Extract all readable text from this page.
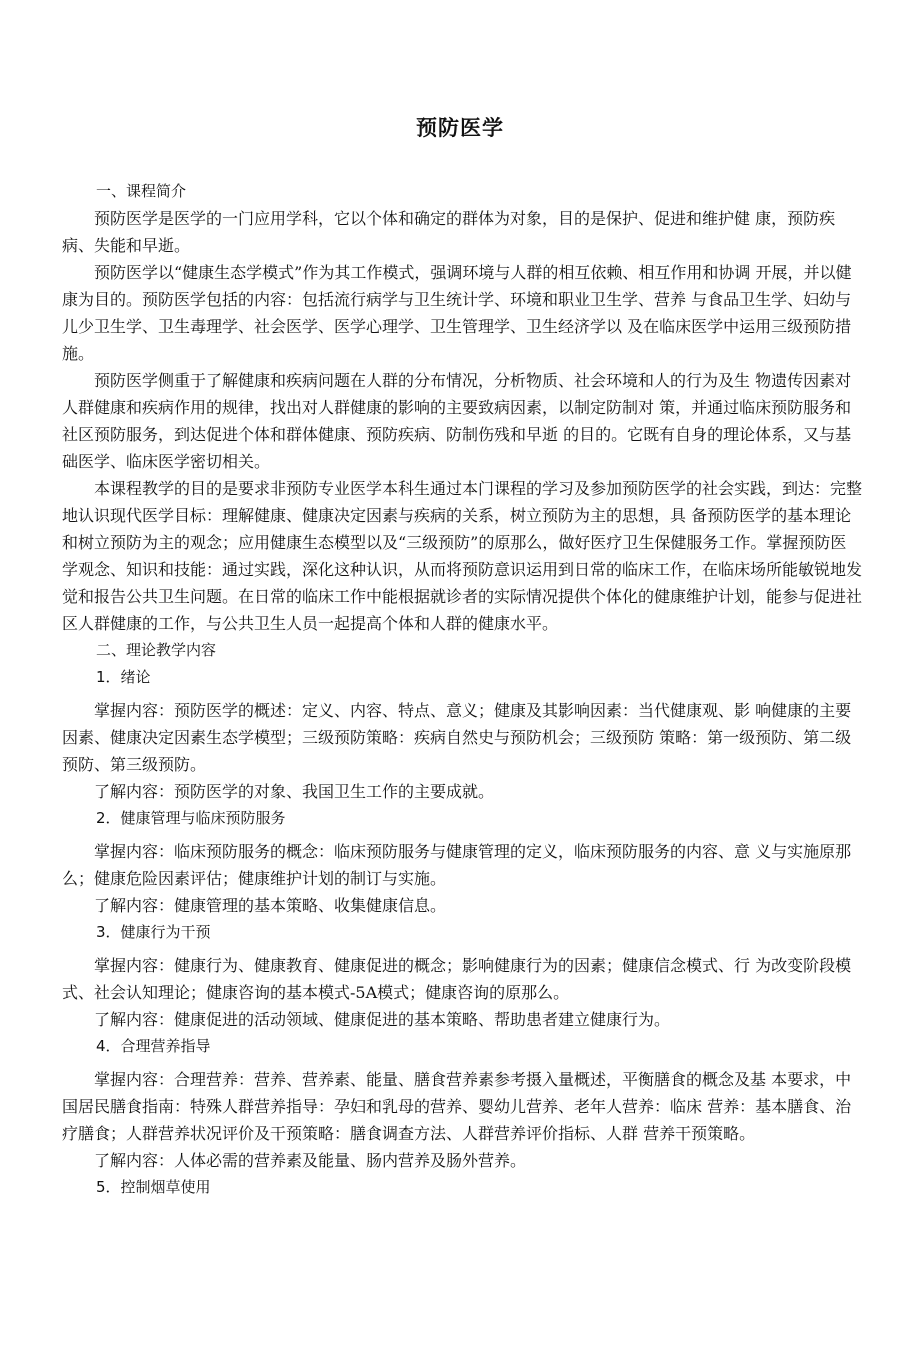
预防医学

一、课程简介

预防医学是医学的一门应用学科，它以个体和确定的群体为对象，目的是保护、促进和维护健 康，预防疾病、失能和早逝。

预防医学以“健康生态学模式”作为其工作模式，强调环境与人群的相互依赖、相互作用和协调 开展，并以健康为目的。预防医学包括的内容：包括流行病学与卫生统计学、环境和职业卫生学、营养 与食品卫生学、妇幼与儿少卫生学、卫生毒理学、社会医学、医学心理学、卫生管理学、卫生经济学以 及在临床医学中运用三级预防措施。

预防医学侧重于了解健康和疾病问题在人群的分布情况，分析物质、社会环境和人的行为及生 物遗传因素对人群健康和疾病作用的规律，找出对人群健康的影响的主要致病因素，以制定防制对 策，并通过临床预防服务和社区预防服务，到达促进个体和群体健康、预防疾病、防制伤残和早逝 的目的。它既有自身的理论体系，又与基础医学、临床医学密切相关。

本课程教学的目的是要求非预防专业医学本科生通过本门课程的学习及参加预防医学的社会实践，到达：完整地认识现代医学目标：理解健康、健康决定因素与疾病的关系，树立预防为主的思想，具 备预防医学的基本理论和树立预防为主的观念；应用健康生态模型以及“三级预防”的原那么，做好医疗卫生保健服务工作。掌握预防医学观念、知识和技能：通过实践，深化这种认识，从而将预防意识运用到日常的临床工作，在临床场所能敏锐地发觉和报告公共卫生问题。在日常的临床工作中能根据就诊者的实际情况提供个体化的健康维护计划，能参与促进社区人群健康的工作，与公共卫生人员一起提高个体和人群的健康水平。

二、理论教学内容

1．绪论

掌握内容：预防医学的概述：定义、内容、特点、意义；健康及其影响因素：当代健康观、影 响健康的主要因素、健康决定因素生态学模型；三级预防策略：疾病自然史与预防机会；三级预防 策略：第一级预防、第二级预防、第三级预防。

了解内容：预防医学的对象、我国卫生工作的主要成就。

2．健康管理与临床预防服务

掌握内容：临床预防服务的概念：临床预防服务与健康管理的定义，临床预防服务的内容、意 义与实施原那么；健康危险因素评估；健康维护计划的制订与实施。

了解内容：健康管理的基本策略、收集健康信息。

3．健康行为干预

掌握内容：健康行为、健康教育、健康促进的概念；影响健康行为的因素；健康信念模式、行 为改变阶段模式、社会认知理论；健康咨询的基本模式-5A模式；健康咨询的原那么。

了解内容：健康促进的活动领域、健康促进的基本策略、帮助患者建立健康行为。

4．合理营养指导

掌握内容：合理营养：营养、营养素、能量、膳食营养素参考摄入量概述，平衡膳食的概念及基 本要求，中国居民膳食指南：特殊人群营养指导：孕妇和乳母的营养、婴幼儿营养、老年人营养：临床 营养：基本膳食、治疗膳食；人群营养状况评价及干预策略：膳食调查方法、人群营养评价指标、人群 营养干预策略。

了解内容：人体必需的营养素及能量、肠内营养及肠外营养。

5．控制烟草使用
